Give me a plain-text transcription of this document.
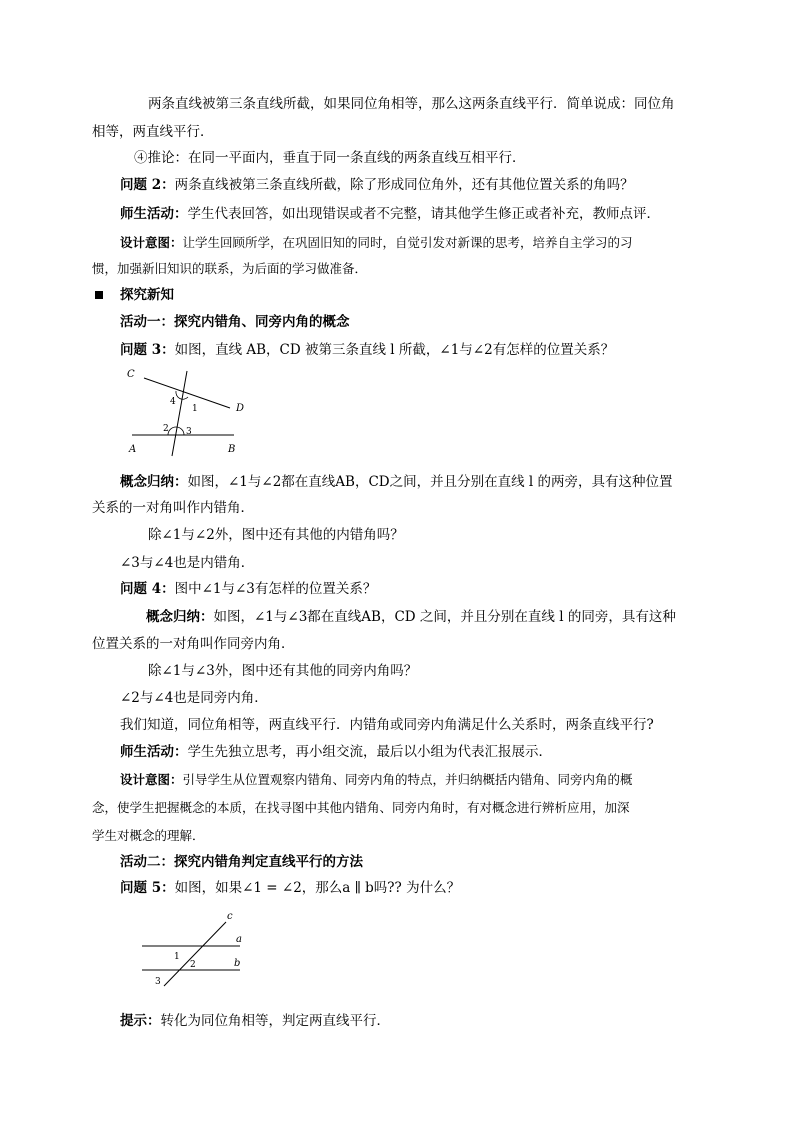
两条直线被第三条直线所截，如果同位角相等，那么这两条直线平行．简单说成：同位角
相等，两直线平行．
④推论：在同一平面内，垂直于同一条直线的两条直线互相平行．
问题 2：两条直线被第三条直线所截，除了形成同位角外，还有其他位置关系的角吗？
师生活动：学生代表回答，如出现错误或者不完整，请其他学生修正或者补充，教师点评．
设计意图：让学生回顾所学，在巩固旧知的同时，自觉引发对新课的思考，培养自主学习的习
惯，加强新旧知识的联系，为后面的学习做准备．
探究新知
活动一：探究内错角、同旁内角的概念
问题 3：如图，直线 AB，CD 被第三条直线 l 所截，∠1与∠2有怎样的位置关系？
C
D
A	B
1
2 3
4
概念归纳：如图，∠1与∠2都在直线AB，CD之间，并且分别在直线 l 的两旁，具有这种位置
关系的一对角叫作内错角．
除∠1与∠2外，图中还有其他的内错角吗？
∠3与∠4也是内错角．
问题 4：图中∠1与∠3有怎样的位置关系？
概念归纳：如图，∠1与∠3都在直线AB，CD 之间，并且分别在直线 l 的同旁，具有这种
位置关系的一对角叫作同旁内角．
除∠1与∠3外，图中还有其他的同旁内角吗？
∠2与∠4也是同旁内角．
我们知道，同位角相等，两直线平行．内错角或同旁内角满足什么关系时，两条直线平行?
师生活动：学生先独立思考，再小组交流，最后以小组为代表汇报展示．
设计意图：引导学生从位置观察内错角、同旁内角的特点，并归纳概括内错角、同旁内角的概
念，使学生把握概念的本质，在找寻图中其他内错角、同旁内角时，有对概念进行辨析应用，加深
学生对概念的理解．
活动二：探究内错角判定直线平行的方法
问题 5：如图，如果∠1 = ∠2，那么a ∥ b吗?? 为什么？
c
a
b
1
2
3
提示：转化为同位角相等，判定两直线平行．
